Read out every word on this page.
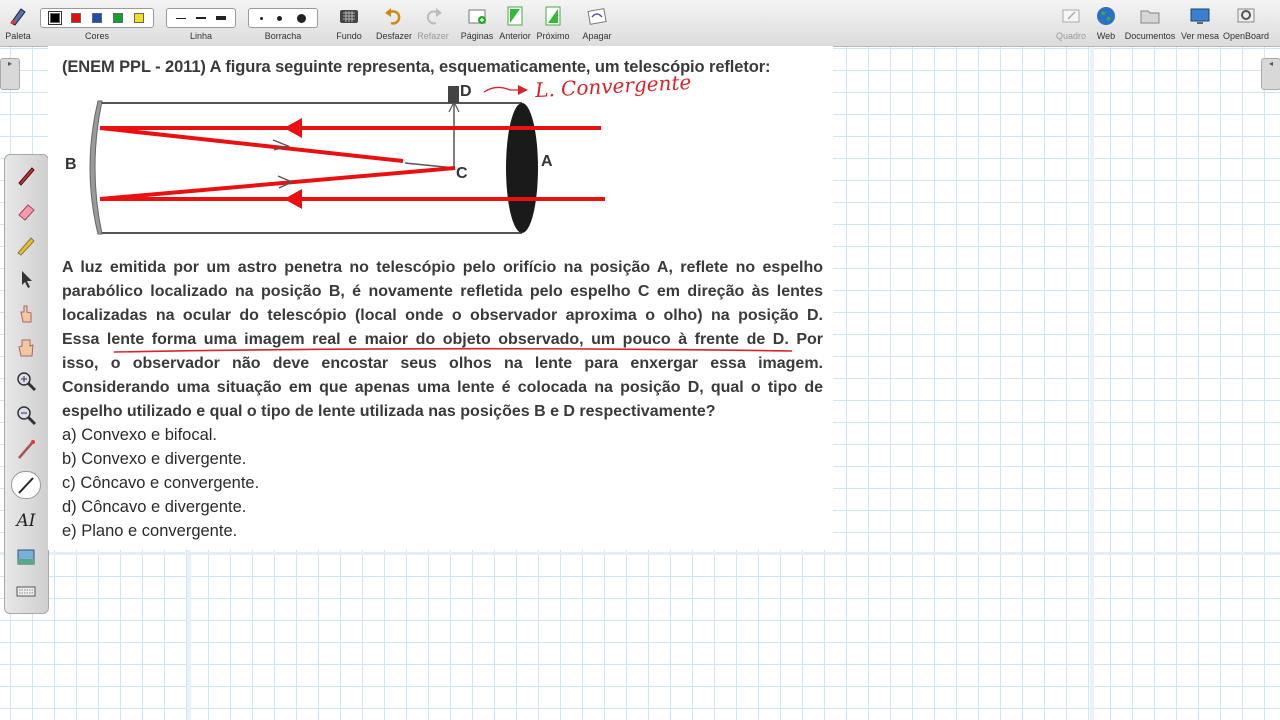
Paleta	Cores	Linha	Borracha	Fundo	Desfazer Refazer Páginas Anterior Próximo Apagar	Quadro	Web	Documentos Ver mesa OpenBoard
▸	◂
AI
(ENEM PPL - 2011) A figura seguinte representa, esquematicamente, um telescópio refletor:
B	A
C
D	L. Convergente

A luz emitida por um astro penetra no telescópio pelo orifício na posição A, reflete no espelho

parabólico localizado na posição B, é novamente refletida pelo espelho C em direção às lentes

localizadas na ocular do telescópio (local onde o observador aproxima o olho) na posição D.

Essa lente forma uma imagem real e maior do objeto observado, um pouco à frente de D. Por

isso, o observador não deve encostar seus olhos na lente para enxergar essa imagem.

Considerando uma situação em que apenas uma lente é colocada na posição D, qual o tipo de

espelho utilizado e qual o tipo de lente utilizada nas posições B e D respectivamente?

a) Convexo e bifocal.
b) Convexo e divergente.
c) Côncavo e convergente.
d) Côncavo e divergente.
e) Plano e convergente.
